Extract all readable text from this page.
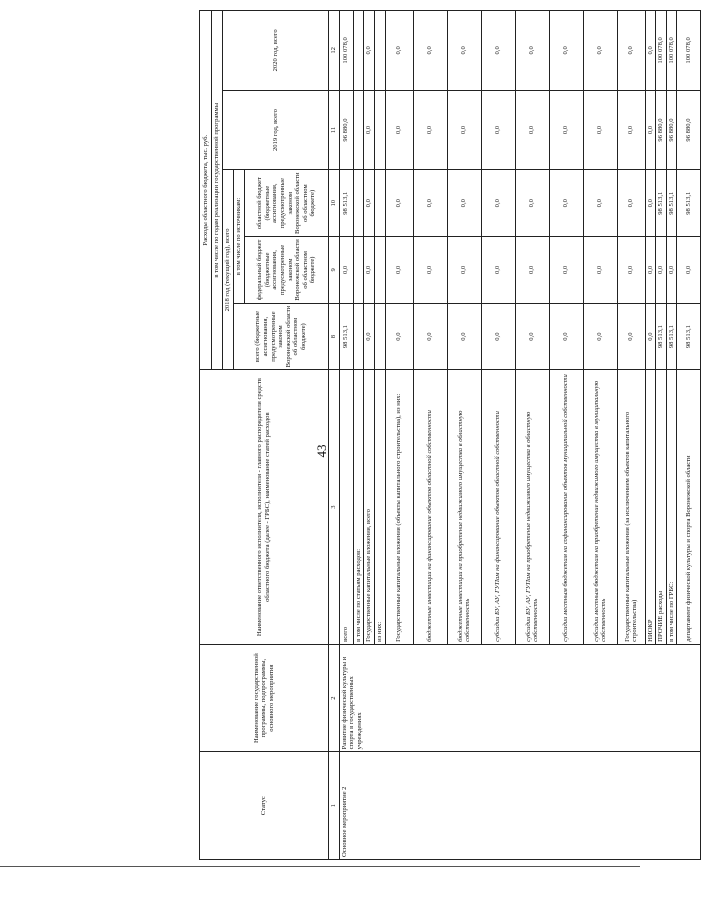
43
Статус	Наименование государственной программы, подпрограммы, основного мероприятия	Наименование ответственного исполнителя, исполнителя - главного распорядителя средств областного бюджета (далее - ГРБС), наименование статей расходов	Расходы областного бюджета, тыс. руб.				
			в том числе по годам реализации государственной программы				
			2018 год (текущий год), всего			2019 год, всего	2020 год, всего
			всего (бюджетные ассигнования, предусмотренные законом Воронежской области об областном бюджете)	в том числе по источникам:			
				федеральный бюджет (бюджетные ассигнования, предусмотренные законом Воронежской области об областном бюджете)	областной бюджет (бюджетные ассигнования, предусмотренные законом Воронежской области об областном бюджете)		
1	2	3	8	9	10	11	12
Основное мероприятие 2	Развитие физической культуры и спорта в государственных учреждениях	всего	98 513,1	0,0	98 513,1	96 880,0	100 078,0
		в том числе по статьям расходов:					
		Государственные капитальные вложения, всего	0,0	0,0	0,0	0,0	0,0
		из них:					
		Государственные капитальные вложения (объекты капитального строительства), из них:	0,0	0,0	0,0	0,0	0,0
		бюджетные инвестиции на финансирование объектов областной собственности	0,0	0,0	0,0	0,0	0,0
		бюджетные инвестиции на приобретение недвижимого имущества в областную собственность	0,0	0,0	0,0	0,0	0,0
		субсидии БУ, АУ, ГУПам на финансирование объектов областной собственности	0,0	0,0	0,0	0,0	0,0
		субсидии БУ, АУ, ГУПам на приобретение недвижимого имущества в областную собственность	0,0	0,0	0,0	0,0	0,0
		субсидии местным бюджетам на софинансирование объектов муниципальной собственности	0,0	0,0	0,0	0,0	0,0
		субсидии местным бюджетам на приобретение недвижимого имущества в муниципальную собственность	0,0	0,0	0,0	0,0	0,0
		Государственные капитальные вложения (за исключением объектов капитального строительства)	0,0	0,0	0,0	0,0	0,0
		НИОКР	0,0	0,0	0,0	0,0	0,0
		ПРОЧИЕ расходы	98 513,1	0,0	98 513,1	96 880,0	100 078,0
		в том числе по ГРБС:	98 513,1	0,0	98 513,1	96 880,0	100 078,0
		департамент физической культуры и спорта Воронежской области	98 513,1	0,0	98 513,1	96 880,0	100 078,0
